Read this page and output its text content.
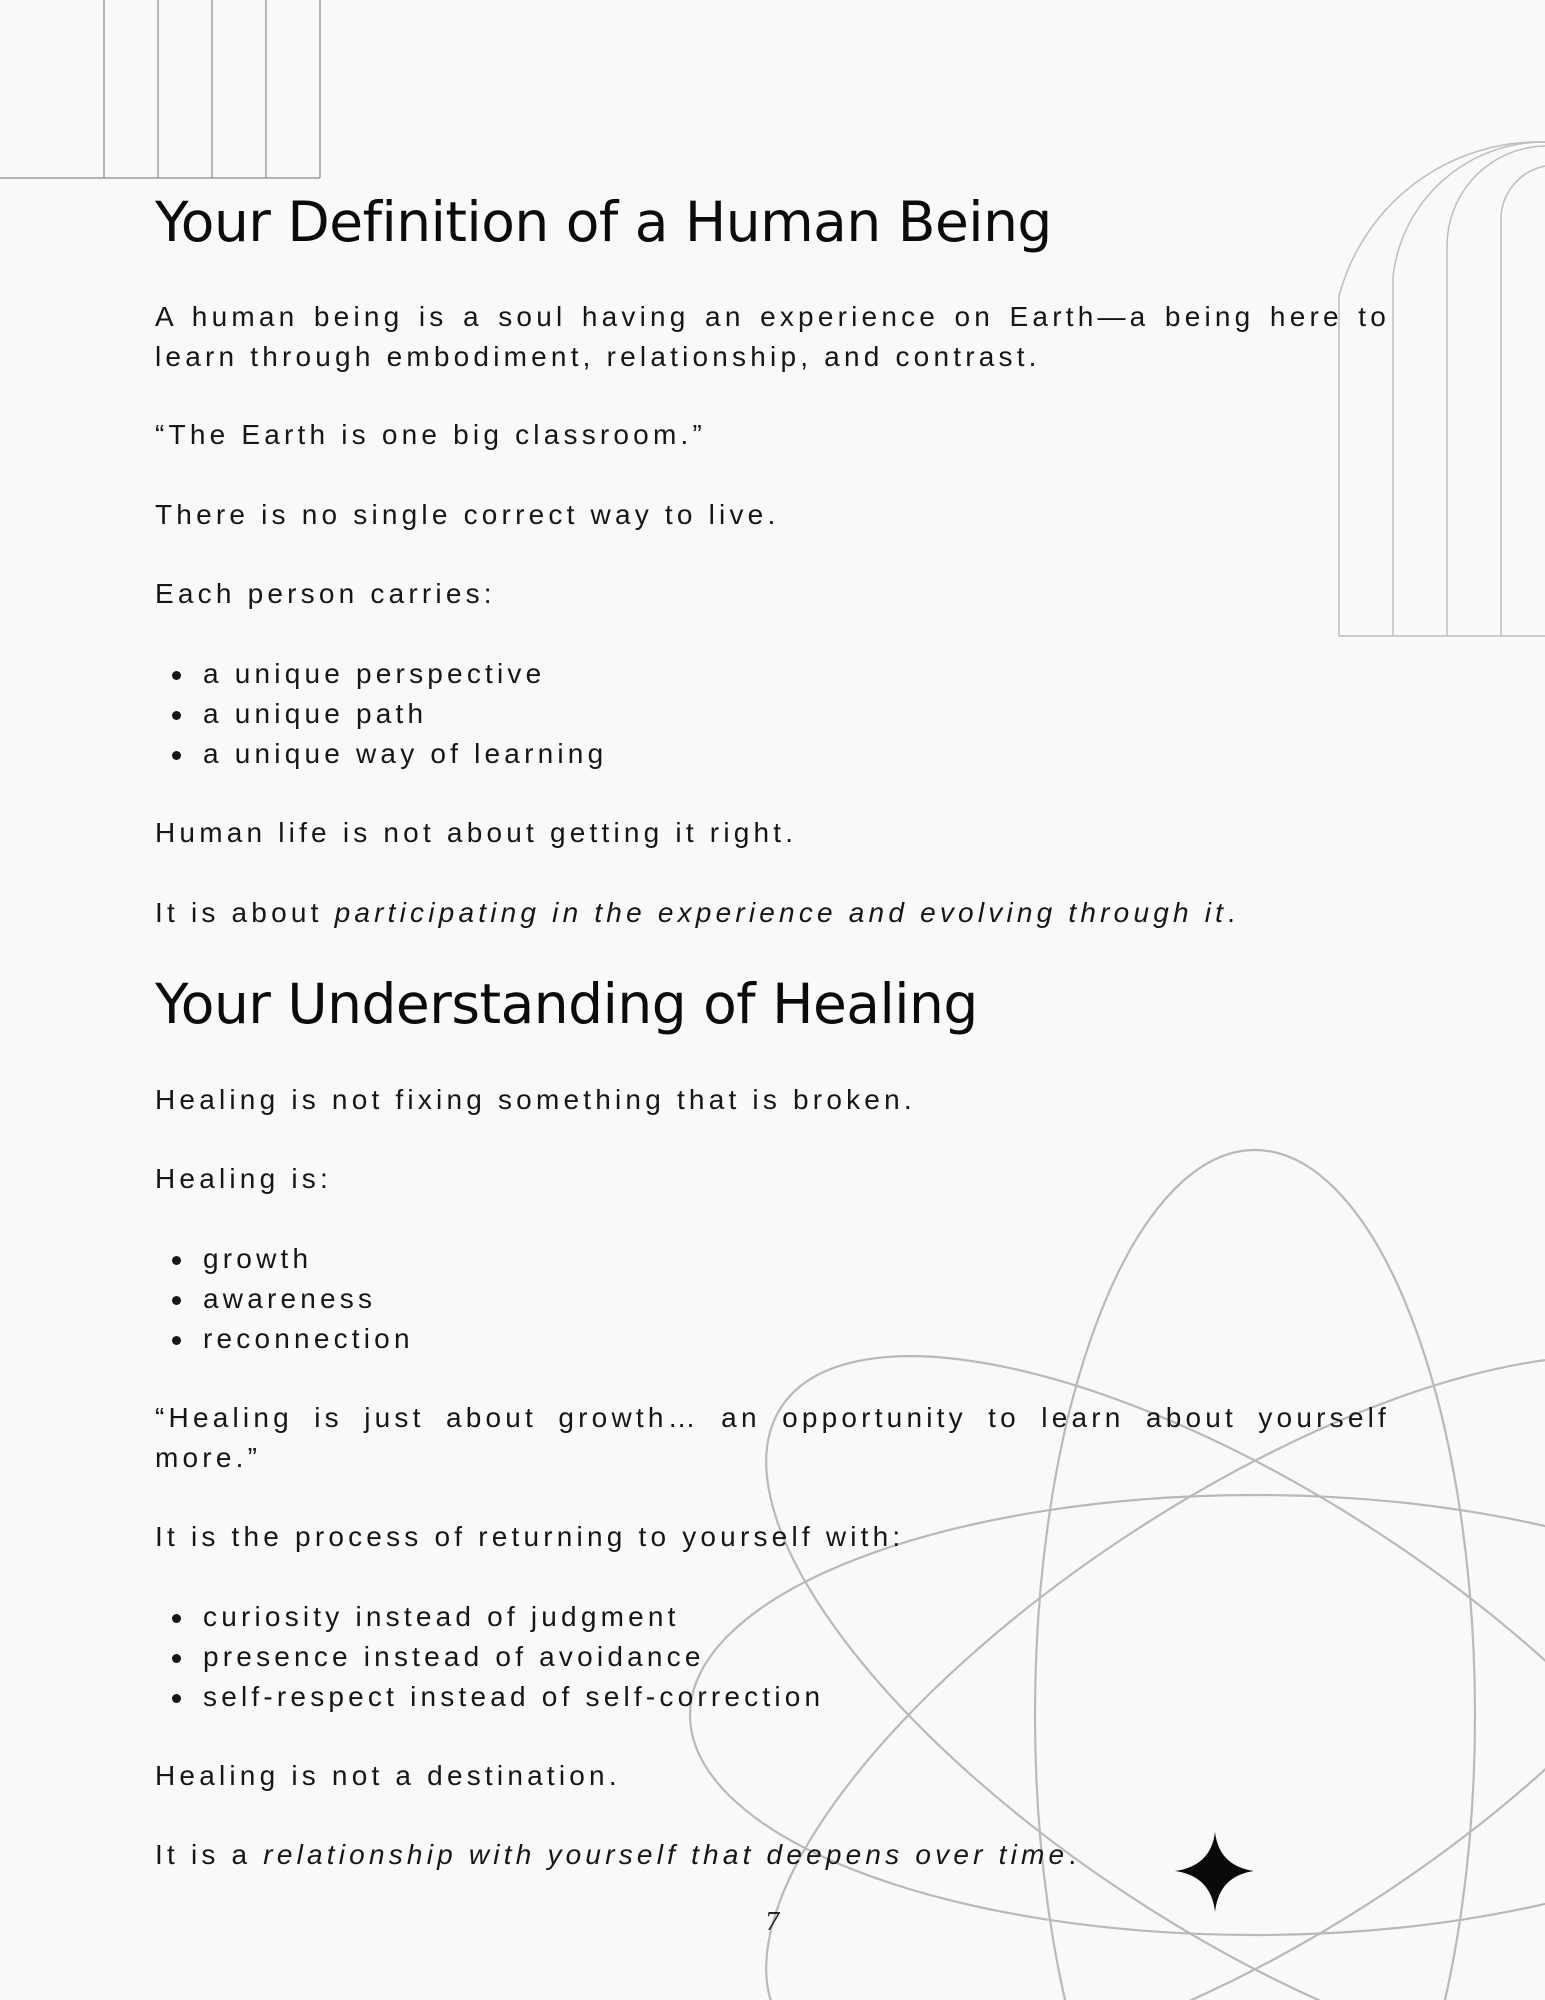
Your Definition of a Human Being

A human being is a soul having an experience on Earth—a being here to learn through embodiment, relationship, and contrast.

“The Earth is one big classroom.”

There is no single correct way to live.

Each person carries:

a unique perspective
a unique path
a unique way of learning

Human life is not about getting it right.

It is about participating in the experience and evolving through it.

Your Understanding of Healing

Healing is not fixing something that is broken.

Healing is:

growth
awareness
reconnection

“Healing is just about growth… an opportunity to learn about yourself more.”

It is the process of returning to yourself with:

curiosity instead of judgment
presence instead of avoidance
self-respect instead of self-correction

Healing is not a destination.

It is a relationship with yourself that deepens over time.

7
